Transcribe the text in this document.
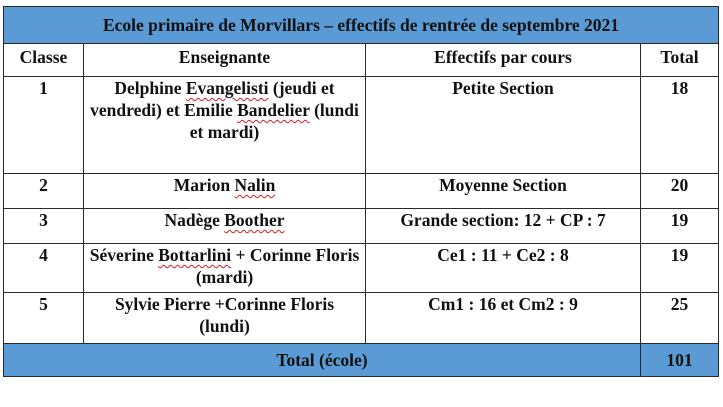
Ecole primaire de Morvillars – effectifs de rentrée de septembre 2021			
Classe	Enseignante	Effectifs par cours	Total
1	Delphine Evangelisti (jeudi et vendredi) et Emilie Bandelier (lundi et mardi)	Petite Section	18
2	Marion Nalin	Moyenne Section	20
3	Nadège Boother	Grande section: 12 + CP : 7	19
4	Séverine Bottarlini + Corinne Floris (mardi)	Ce1 : 11 + Ce2 : 8	19
5	Sylvie Pierre +Corinne Floris (lundi)	Cm1 : 16 et Cm2 : 9	25
Total (école)			101
